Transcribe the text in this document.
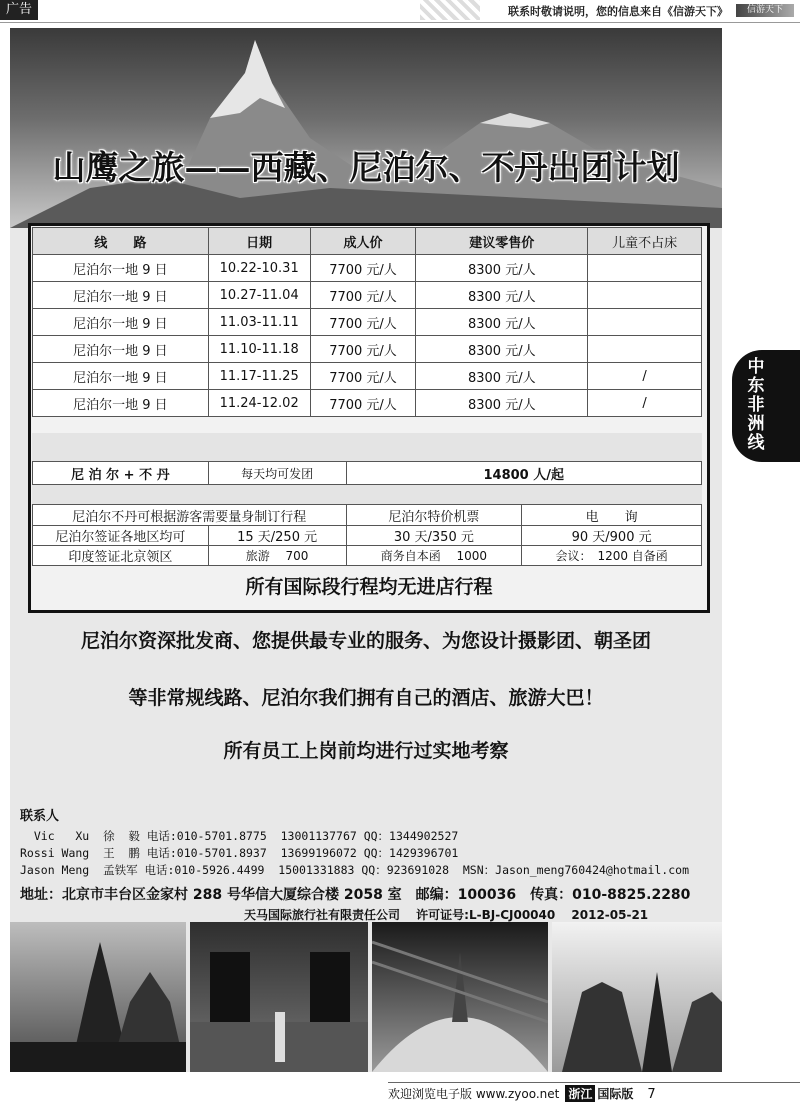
广告	联系时敬请说明，您的信息来自《信游天下》	信游天下
山鹰之旅——西藏、尼泊尔、不丹出团计划
线　　路	日期	成人价	建议零售价	儿童不占床
尼泊尔一地 9 日	10.22-10.31	7700 元/人	8300 元/人	
尼泊尔一地 9 日	10.27-11.04	7700 元/人	8300 元/人	
尼泊尔一地 9 日	11.03-11.11	7700 元/人	8300 元/人	
尼泊尔一地 9 日	11.10-11.18	7700 元/人	8300 元/人	
尼泊尔一地 9 日	11.17-11.25	7700 元/人	8300 元/人	/
尼泊尔一地 9 日	11.24-12.02	7700 元/人	8300 元/人	/
尼 泊 尔 + 不 丹	每天均可发团	14800 人/起
尼泊尔不丹可根据游客需要量身制订行程		尼泊尔特价机票	电　　询
尼泊尔签证各地区均可	15 天/250 元	30 天/350 元	90 天/900 元
印度签证北京领区	旅游　 700	商务自本函　 1000	会议：　1200 自备函
所有国际段行程均无进店行程
尼泊尔资深批发商、您提供最专业的服务、为您设计摄影团、朝圣团
等非常规线路、尼泊尔我们拥有自己的酒店、旅游大巴！
所有员工上岗前均进行过实地考察
联系人
Vic   Xu  徐  毅 电话:010-5701.8775  13001137767 QQ：1344902527
Rossi Wang  王  鹏 电话:010-5701.8937  13699196072 QQ：1429396701
Jason Meng  孟铁军 电话:010-5926.4499  15001331883 QQ：923691028  MSN：Jason_meng760424@hotmail.com
地址：北京市丰台区金家村 288 号华信大厦综合楼 2058 室　邮编：100036　传真：010-8825.2280
天马国际旅行社有限责任公司　 许可证号:L-BJ-CJ00040　 2012-05-21
中东非洲线
欢迎浏览电子版 www.zyoo.net 浙江 国际版 7
